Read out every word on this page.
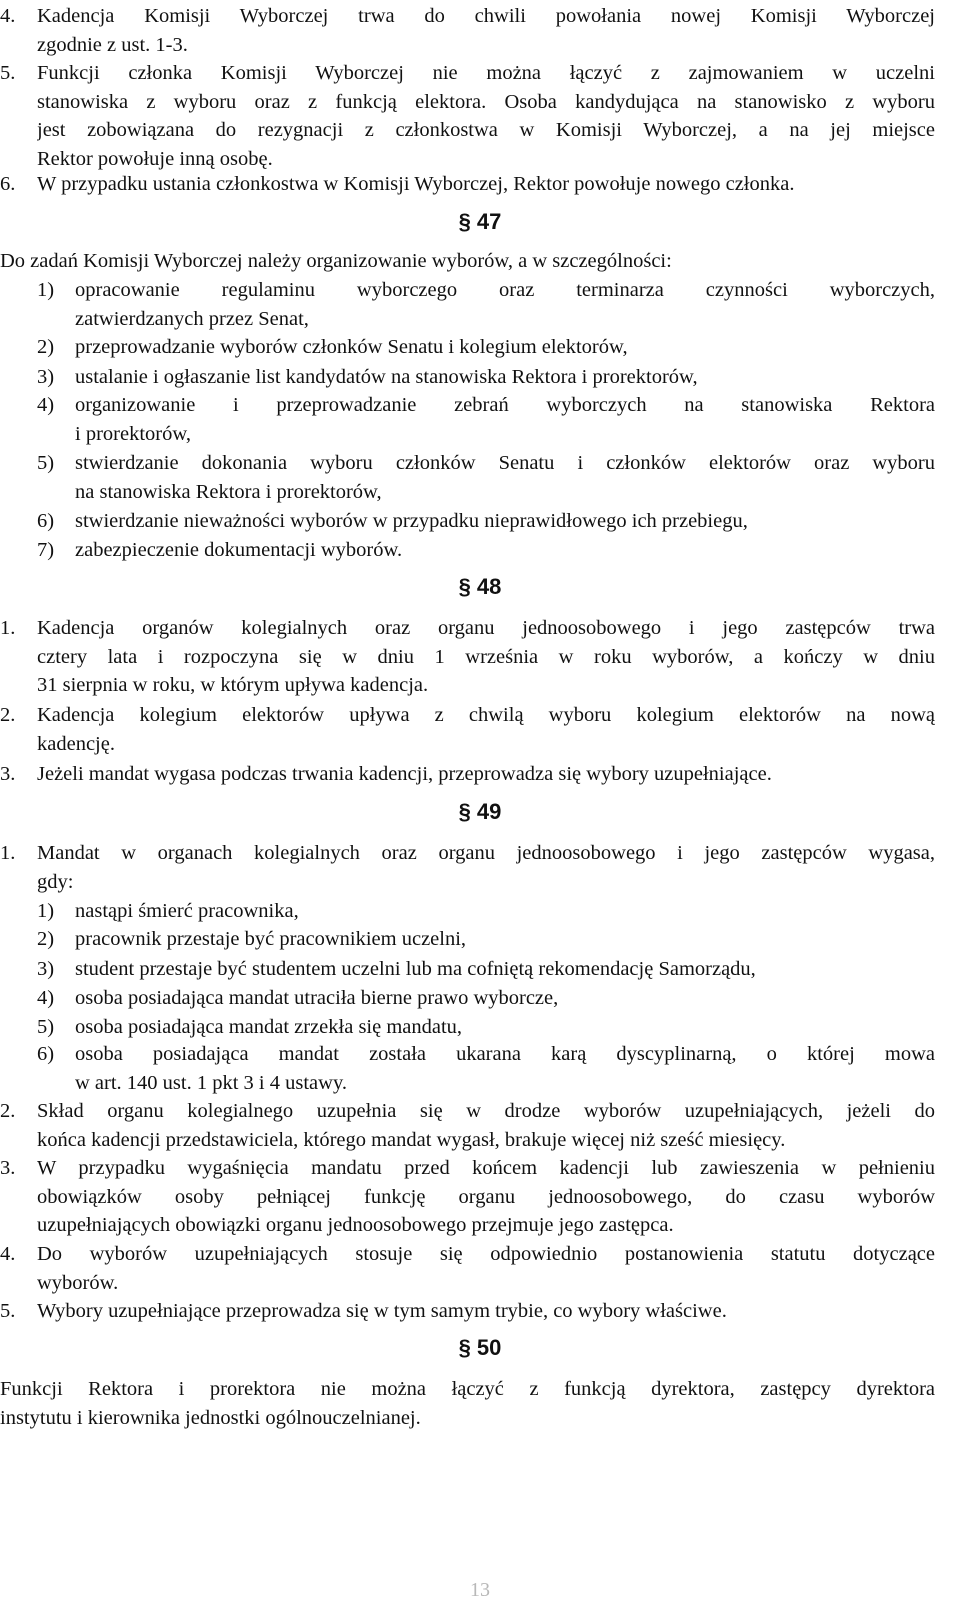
13
4. Kadencja Komisji Wyborczej trwa do chwili powołania nowej Komisji Wyborczej
zgodnie z ust. 1-3.
5. Funkcji członka Komisji Wyborczej nie można łączyć z zajmowaniem w uczelni
stanowiska z wyboru oraz z funkcją elektora. Osoba kandydująca na stanowisko z wyboru
jest zobowiązana do rezygnacji z członkostwa w Komisji Wyborczej, a na jej miejsce
Rektor powołuje inną osobę.
6. W przypadku ustania członkostwa w Komisji Wyborczej, Rektor powołuje nowego członka.
§ 47
Do zadań Komisji Wyborczej należy organizowanie wyborów, a w szczególności:
1) opracowanie regulaminu wyborczego oraz terminarza czynności wyborczych,
zatwierdzanych przez Senat,
2) przeprowadzanie wyborów członków Senatu i kolegium elektorów,
3) ustalanie i ogłaszanie list kandydatów na stanowiska Rektora i prorektorów,
4) organizowanie i przeprowadzanie zebrań wyborczych na stanowiska Rektora
i prorektorów,
5) stwierdzanie dokonania wyboru członków Senatu i członków elektorów oraz wyboru
na stanowiska Rektora i prorektorów,
6) stwierdzanie nieważności wyborów w przypadku nieprawidłowego ich przebiegu,
7) zabezpieczenie dokumentacji wyborów.
§ 48
1. Kadencja organów kolegialnych oraz organu jednoosobowego i jego zastępców trwa
cztery lata i rozpoczyna się w dniu 1 września w roku wyborów, a kończy w dniu
31 sierpnia w roku, w którym upływa kadencja.
2. Kadencja kolegium elektorów upływa z chwilą wyboru kolegium elektorów na nową
kadencję.
3. Jeżeli mandat wygasa podczas trwania kadencji, przeprowadza się wybory uzupełniające.
§ 49
1. Mandat w organach kolegialnych oraz organu jednoosobowego i jego zastępców wygasa,
gdy:
1) nastąpi śmierć pracownika,
2) pracownik przestaje być pracownikiem uczelni,
3) student przestaje być studentem uczelni lub ma cofniętą rekomendację Samorządu,
4) osoba posiadająca mandat utraciła bierne prawo wyborcze,
5) osoba posiadająca mandat zrzekła się mandatu,
6) osoba posiadająca mandat została ukarana karą dyscyplinarną, o której mowa
w art. 140 ust. 1 pkt 3 i 4 ustawy.
2. Skład organu kolegialnego uzupełnia się w drodze wyborów uzupełniających, jeżeli do
końca kadencji przedstawiciela, którego mandat wygasł, brakuje więcej niż sześć miesięcy.
3. W przypadku wygaśnięcia mandatu przed końcem kadencji lub zawieszenia w pełnieniu
obowiązków osoby pełniącej funkcję organu jednoosobowego, do czasu wyborów
uzupełniających obowiązki organu jednoosobowego przejmuje jego zastępca.
4. Do wyborów uzupełniających stosuje się odpowiednio postanowienia statutu dotyczące
wyborów.
5. Wybory uzupełniające przeprowadza się w tym samym trybie, co wybory właściwe.
§ 50
Funkcji Rektora i prorektora nie można łączyć z funkcją dyrektora, zastępcy dyrektora
instytutu i kierownika jednostki ogólnouczelnianej.
